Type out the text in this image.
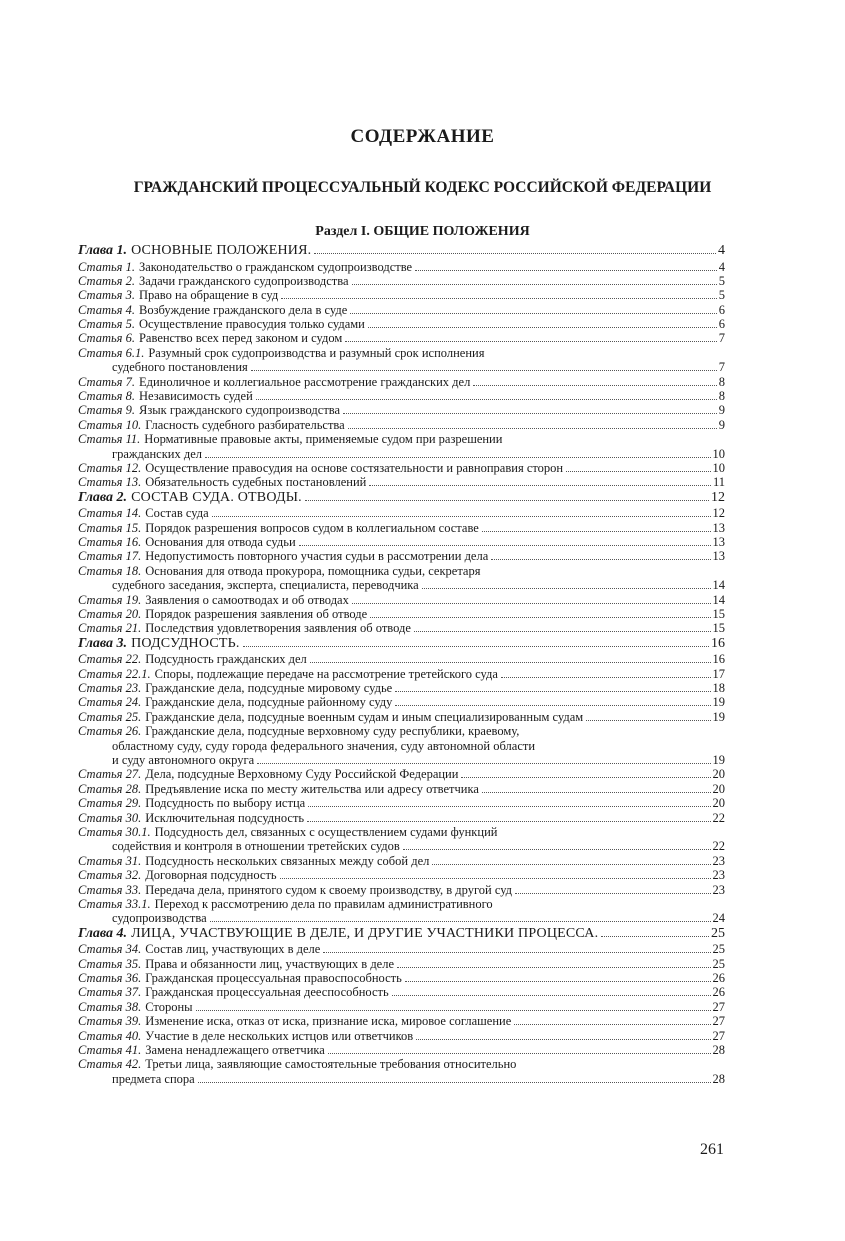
СОДЕРЖАНИЕ
ГРАЖДАНСКИЙ ПРОЦЕССУАЛЬНЫЙ КОДЕКС РОССИЙСКОЙ ФЕДЕРАЦИИ
Раздел I. ОБЩИЕ ПОЛОЖЕНИЯ
Глава 1. ОСНОВНЫЕ ПОЛОЖЕНИЯ.	4
Статья 1. Законодательство о гражданском судопроизводстве	4
Статья 2. Задачи гражданского судопроизводства	5
Статья 3. Право на обращение в суд	5
Статья 4. Возбуждение гражданского дела в суде	6
Статья 5. Осуществление правосудия только судами	6
Статья 6. Равенство всех перед законом и судом	7
Статья 6.1. Разумный срок судопроизводства и разумный срок исполнения
судебного постановления	7
Статья 7. Единоличное и коллегиальное рассмотрение гражданских дел	8
Статья 8. Независимость судей	8
Статья 9. Язык гражданского судопроизводства	9
Статья 10. Гласность судебного разбирательства	9
Статья 11. Нормативные правовые акты, применяемые судом при разрешении
гражданских дел	10
Статья 12. Осуществление правосудия на основе состязательности и равноправия сторон	10
Статья 13. Обязательность судебных постановлений	11
Глава 2. СОСТАВ СУДА. ОТВОДЫ.	12
Статья 14. Состав суда	12
Статья 15. Порядок разрешения вопросов судом в коллегиальном составе	13
Статья 16. Основания для отвода судьи	13
Статья 17. Недопустимость повторного участия судьи в рассмотрении дела	13
Статья 18. Основания для отвода прокурора, помощника судьи, секретаря
судебного заседания, эксперта, специалиста, переводчика	14
Статья 19. Заявления о самоотводах и об отводах	14
Статья 20. Порядок разрешения заявления об отводе	15
Статья 21. Последствия удовлетворения заявления об отводе	15
Глава 3. ПОДСУДНОСТЬ.	16
Статья 22. Подсудность гражданских дел	16
Статья 22.1. Споры, подлежащие передаче на рассмотрение третейского суда	17
Статья 23. Гражданские дела, подсудные мировому судье	18
Статья 24. Гражданские дела, подсудные районному суду	19
Статья 25. Гражданские дела, подсудные военным судам и иным специализированным судам	19
Статья 26. Гражданские дела, подсудные верховному суду республики, краевому,
областному суду, суду города федерального значения, суду автономной области
и суду автономного округа	19
Статья 27. Дела, подсудные Верховному Суду Российской Федерации	20
Статья 28. Предъявление иска по месту жительства или адресу ответчика	20
Статья 29. Подсудность по выбору истца	20
Статья 30. Исключительная подсудность	22
Статья 30.1. Подсудность дел, связанных с осуществлением судами функций
содействия и контроля в отношении третейских судов	22
Статья 31. Подсудность нескольких связанных между собой дел	23
Статья 32. Договорная подсудность	23
Статья 33. Передача дела, принятого судом к своему производству, в другой суд	23
Статья 33.1. Переход к рассмотрению дела по правилам административного
судопроизводства	24
Глава 4. ЛИЦА, УЧАСТВУЮЩИЕ В ДЕЛЕ, И ДРУГИЕ УЧАСТНИКИ ПРОЦЕССА.	25
Статья 34. Состав лиц, участвующих в деле	25
Статья 35. Права и обязанности лиц, участвующих в деле	25
Статья 36. Гражданская процессуальная правоспособность	26
Статья 37. Гражданская процессуальная дееспособность	26
Статья 38. Стороны	27
Статья 39. Изменение иска, отказ от иска, признание иска, мировое соглашение	27
Статья 40. Участие в деле нескольких истцов или ответчиков	27
Статья 41. Замена ненадлежащего ответчика	28
Статья 42. Третьи лица, заявляющие самостоятельные требования относительно
предмета спора	28
261
